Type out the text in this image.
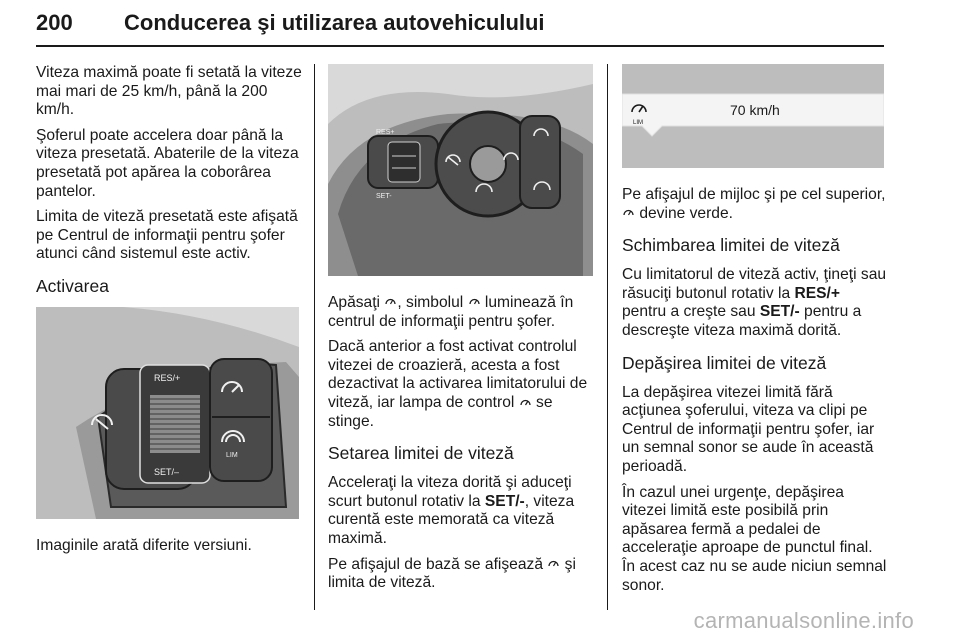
200 Conducerea şi utilizarea autovehiculului

Viteza maximă poate fi setată la viteze mai mari de 25 km/h, până la 200 km/h.

Şoferul poate accelera doar până la viteza presetată. Abaterile de la viteza presetată pot apărea la coborârea pantelor.

Limita de viteză presetată este afişată pe Centrul de informaţii pentru şofer atunci când sistemul este activ.

Activarea
RES/+
SET/–
LIM

Imaginile arată diferite versiuni.

RES+
SET-

Apăsaţi , simbolul  luminează în centrul de informaţii pentru şofer.

Dacă anterior a fost activat controlul vitezei de croazieră, acesta a fost dezactivat la activarea limitatorului de viteză, iar lampa de control  se stinge.

Setarea limitei de viteză

Acceleraţi la viteza dorită şi aduceţi scurt butonul rotativ la SET/-, viteza curentă este memorată ca viteză maximă.

Pe afişajul de bază se afişează  şi limita de viteză.

LIM
70 km/h

Pe afişajul de mijloc şi pe cel superior,  devine verde.

Schimbarea limitei de viteză

Cu limitatorul de viteză activ, ţineţi sau răsuciţi butonul rotativ la RES/+ pentru a creşte sau SET/- pentru a descreşte viteza maximă dorită.

Depăşirea limitei de viteză

La depăşirea vitezei limită fără acţiunea şoferului, viteza va clipi pe Centrul de informaţii pentru şofer, iar un semnal sonor se aude în această perioadă.

În cazul unei urgenţe, depăşirea vitezei limită este posibilă prin apăsarea fermă a pedalei de acceleraţie aproape de punctul final. În acest caz nu se aude niciun semnal sonor.

carmanualsonline.info
